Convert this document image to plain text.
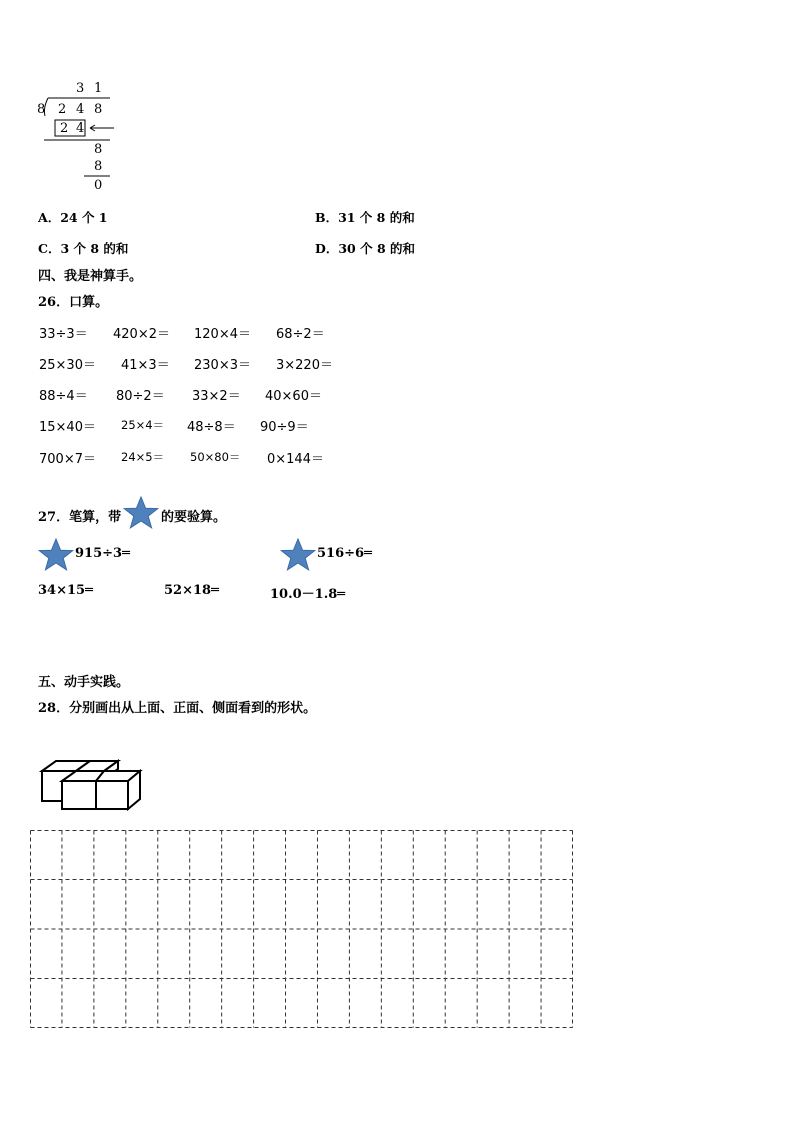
3 1
8 2 4 8
2 4
8
8
0
A．24 个 1	B．31 个 8 的和
C．3 个 8 的和	D．30 个 8 的和
四、我是神算手。
26．口算。
33÷3＝ 420×2＝ 120×4＝ 68÷2＝
25×30＝ 41×3＝ 230×3＝ 3×220＝
88÷4＝ 80÷2＝ 33×2＝ 40×60＝
15×40＝ 25×4＝ 48÷8＝ 90÷9＝
700×7＝ 24×5＝ 50×80＝ 0×144＝
27．笔算，带	的要验算。
915÷3═	516÷6═
34×15═	52×18═	10.0－1.8═
五、动手实践。
28．分别画出从上面、正面、侧面看到的形状。
